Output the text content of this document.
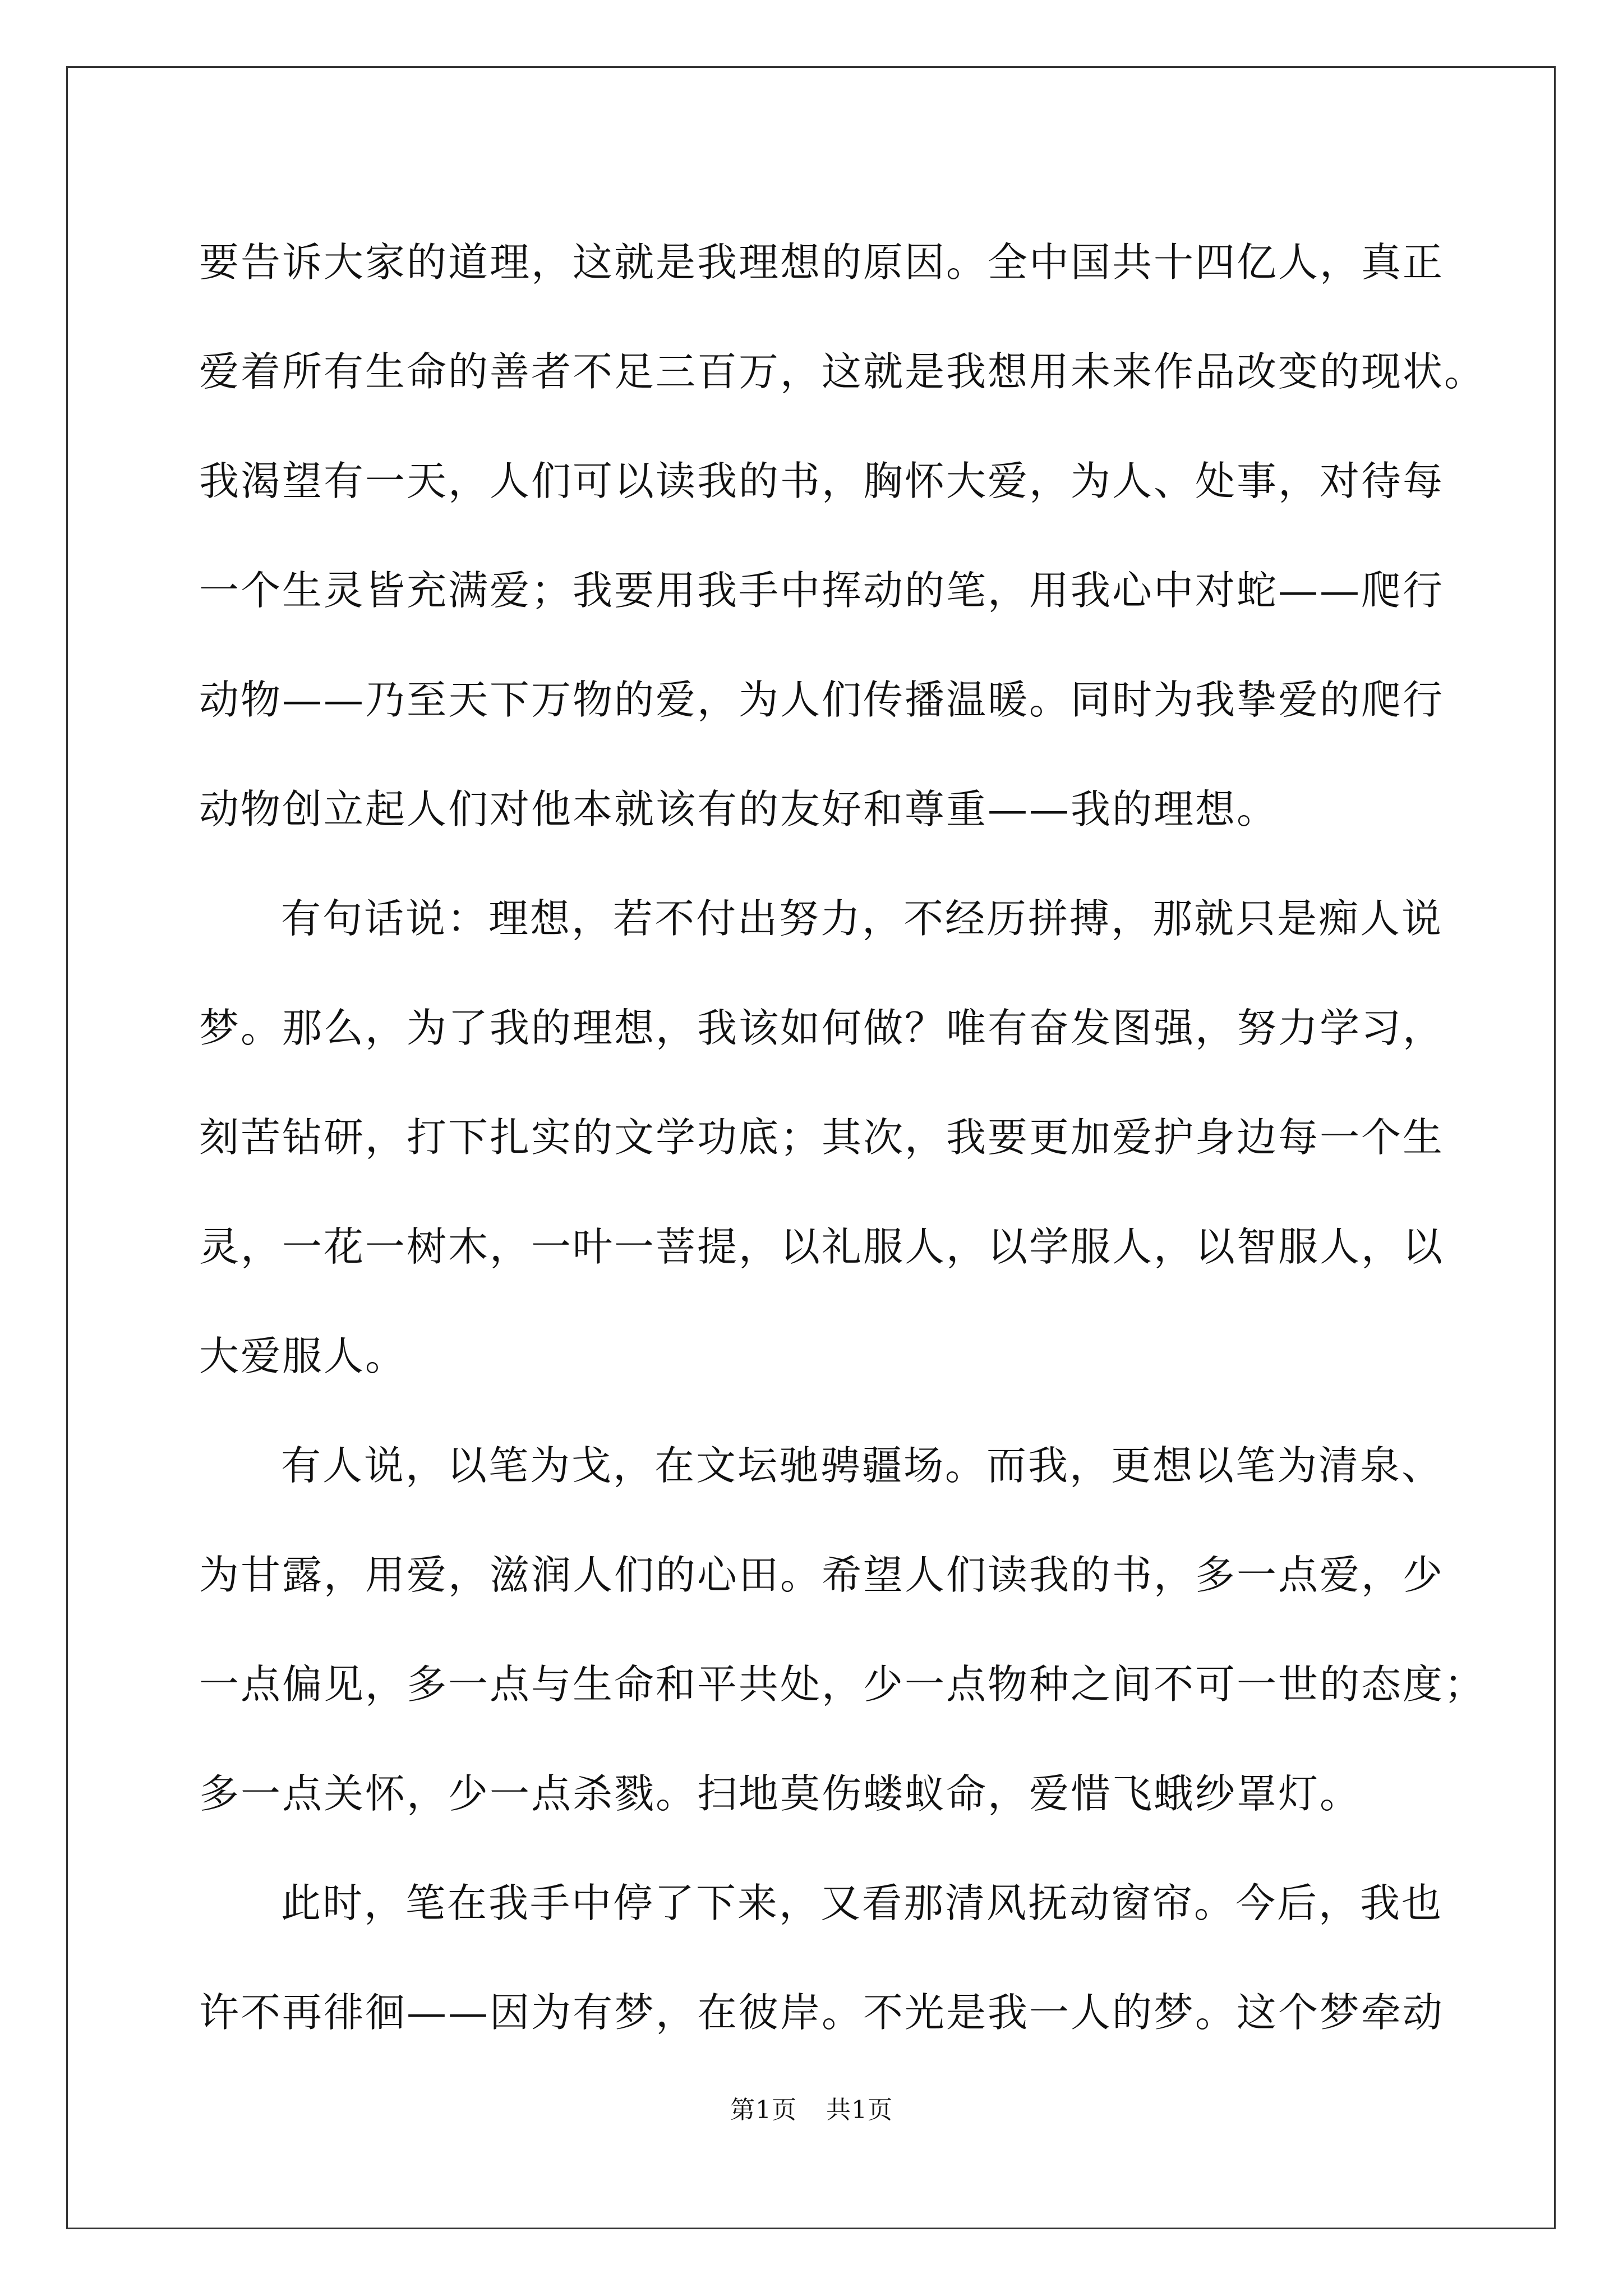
要告诉大家的道理，这就是我理想的原因。全中国共十四亿人，真正
爱着所有生命的善者不足三百万，这就是我想用未来作品改变的现状。
我渴望有一天，人们可以读我的书，胸怀大爱，为人、处事，对待每
一个生灵皆充满爱；我要用我手中挥动的笔，用我心中对蛇——爬行
动物——乃至天下万物的爱，为人们传播温暖。同时为我挚爱的爬行
动物创立起人们对他本就该有的友好和尊重——我的理想。
有句话说：理想，若不付出努力，不经历拼搏，那就只是痴人说
梦。那么，为了我的理想，我该如何做？唯有奋发图强，努力学习，
刻苦钻研，打下扎实的文学功底；其次，我要更加爱护身边每一个生
灵，一花一树木，一叶一菩提，以礼服人，以学服人，以智服人，以
大爱服人。
有人说，以笔为戈，在文坛驰骋疆场。而我，更想以笔为清泉、
为甘露，用爱，滋润人们的心田。希望人们读我的书，多一点爱，少
一点偏见，多一点与生命和平共处，少一点物种之间不可一世的态度；
多一点关怀，少一点杀戮。扫地莫伤蝼蚁命，爱惜飞蛾纱罩灯。
此时，笔在我手中停了下来，又看那清风抚动窗帘。今后，我也
许不再徘徊——因为有梦，在彼岸。不光是我一人的梦。这个梦牵动
第1页 共1页
